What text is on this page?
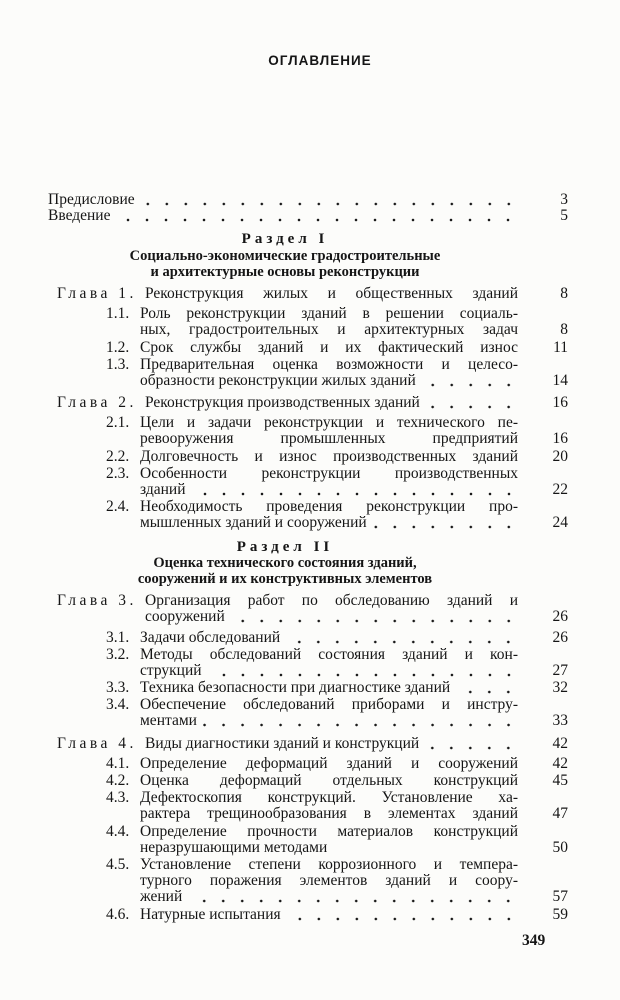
ОГЛАВЛЕНИЕ
Предисловие	3
Введение	5
Раздел I
Социально-экономические градостроительные
и архитектурные основы реконструкции
Глава 1. Реконструкция жилых и общественных зданий	8
1.1. Роль реконструкции зданий в решении социаль-
ных, градостроительных и архитектурных задач	8
1.2. Срок службы зданий и их фактический износ 11
1.3. Предварительная оценка возможности и целесо-
образности реконструкции жилых зданий	14
Глава 2. Реконструкция производственных зданий	16
2.1. Цели и задачи реконструкции и технического пе-
ревооружения промышленных предприятий 16
2.2. Долговечность и износ производственных зданий 20
2.3. Особенности реконструкции производственных
зданий	22
2.4. Необходимость проведения реконструкции про-
мышленных зданий и сооружений	24
Раздел II
Оценка технического состояния зданий,
сооружений и их конструктивных элементов
Глава 3. Организация работ по обследованию зданий и
сооружений	26
3.1. Задачи обследований	26
3.2. Методы обследований состояния зданий и кон-
струкций	27
3.3. Техника безопасности при диагностике зданий	32
3.4. Обеспечение обследований приборами и инстру-
ментами	33
Глава 4. Виды диагностики зданий и конструкций	42
4.1. Определение деформаций зданий и сооружений 42
4.2. Оценка деформаций отдельных конструкций 45
4.3. Дефектоскопия конструкций. Установление ха-
рактера трещинообразования в элементах зданий 47
4.4. Определение прочности материалов конструкций
неразрушающими методами	50
4.5. Установление степени коррозионного и темпера-
турного поражения элементов зданий и соору-
жений	57
4.6. Натурные испытания	59
349
